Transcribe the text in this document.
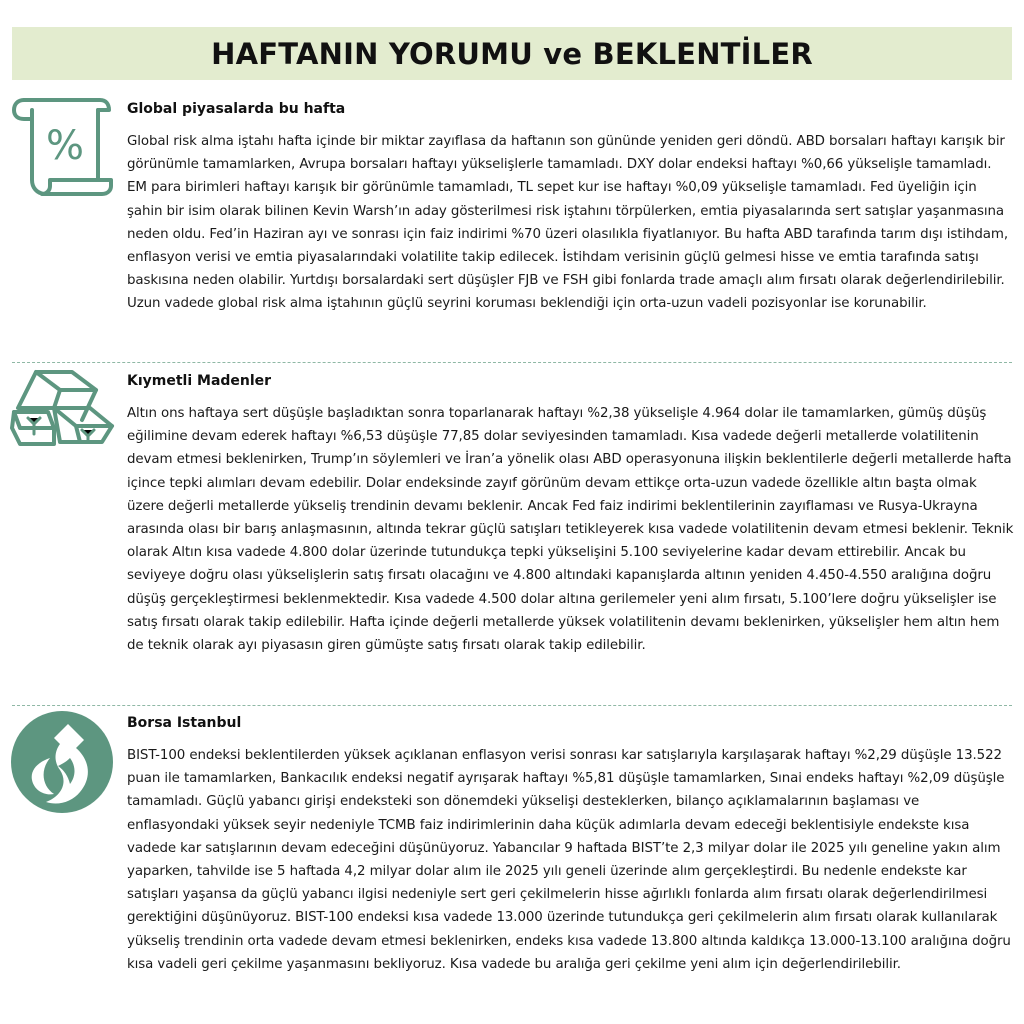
HAFTANIN YORUMU ve BEKLENTİLER
%
Global piyasalarda bu hafta

Global risk alma iştahı hafta içinde bir miktar zayıflasa da haftanın son gününde yeniden geri döndü. ABD borsaları haftayı karışık bir görünümle tamamlarken, Avrupa borsaları haftayı yükselişlerle tamamladı. DXY dolar endeksi haftayı %0,66 yükselişle tamamladı. EM para birimleri haftayı karışık bir görünümle tamamladı, TL sepet kur ise haftayı %0,09 yükselişle tamamladı. Fed üyeliğin için şahin bir isim olarak bilinen Kevin Warsh’ın aday gösterilmesi risk iştahını törpülerken, emtia piyasalarında sert satışlar yaşanmasına neden oldu. Fed’in Haziran ayı ve sonrası için faiz indirimi %70 üzeri olasılıkla fiyatlanıyor. Bu hafta ABD tarafında tarım dışı istihdam, enflasyon verisi ve emtia piyasalarındaki volatilite takip edilecek. İstihdam verisinin güçlü gelmesi hisse ve emtia tarafında satışı baskısına neden olabilir. Yurtdışı borsalardaki sert düşüşler FJB ve FSH gibi fonlarda trade amaçlı alım fırsatı olarak değerlendirilebilir. Uzun vadede global risk alma iştahının güçlü seyrini koruması beklendiği için orta-uzun vadeli pozisyonlar ise korunabilir.

Kıymetli Madenler

Altın ons haftaya sert düşüşle başladıktan sonra toparlanarak haftayı %2,38 yükselişle 4.964 dolar ile tamamlarken, gümüş düşüş eğilimine devam ederek haftayı %6,53 düşüşle 77,85 dolar seviyesinden tamamladı. Kısa vadede değerli metallerde volatilitenin devam etmesi beklenirken, Trump’ın söylemleri ve İran’a yönelik olası ABD operasyonuna ilişkin beklentilerle değerli metallerde hafta içince tepki alımları devam edebilir. Dolar endeksinde zayıf görünüm devam ettikçe orta-uzun vadede özellikle altın başta olmak üzere değerli metallerde yükseliş trendinin devamı beklenir. Ancak Fed faiz indirimi beklentilerinin zayıflaması ve Rusya-Ukrayna arasında olası bir barış anlaşmasının, altında tekrar güçlü satışları tetikleyerek kısa vadede volatilitenin devam etmesi beklenir. Teknik olarak Altın kısa vadede 4.800 dolar üzerinde tutundukça tepki yükselişini 5.100 seviyelerine kadar devam ettirebilir. Ancak bu seviyeye doğru olası yükselişlerin satış fırsatı olacağını ve 4.800 altındaki kapanışlarda altının yeniden 4.450-4.550 aralığına doğru düşüş gerçekleştirmesi beklenmektedir. Kısa vadede 4.500 dolar altına gerilemeler yeni alım fırsatı, 5.100’lere doğru yükselişler ise satış fırsatı olarak takip edilebilir. Hafta içinde değerli metallerde yüksek volatilitenin devamı beklenirken, yükselişler hem altın hem de teknik olarak ayı piyasasın giren gümüşte satış fırsatı olarak takip edilebilir.

Borsa Istanbul

BIST-100 endeksi beklentilerden yüksek açıklanan enflasyon verisi sonrası kar satışlarıyla karşılaşarak haftayı %2,29 düşüşle 13.522 puan ile tamamlarken, Bankacılık endeksi negatif ayrışarak haftayı %5,81 düşüşle tamamlarken, Sınai endeks haftayı %2,09 düşüşle tamamladı. Güçlü yabancı girişi endeksteki son dönemdeki yükselişi desteklerken, bilanço açıklamalarının başlaması ve enflasyondaki yüksek seyir nedeniyle TCMB faiz indirimlerinin daha küçük adımlarla devam edeceği beklentisiyle endekste kısa vadede kar satışlarının devam edeceğini düşünüyoruz. Yabancılar 9 haftada BIST’te 2,3 milyar dolar ile 2025 yılı geneline yakın alım yaparken, tahvilde ise 5 haftada 4,2 milyar dolar alım ile 2025 yılı geneli üzerinde alım gerçekleştirdi. Bu nedenle endekste kar satışları yaşansa da güçlü yabancı ilgisi nedeniyle sert geri çekilmelerin hisse ağırlıklı fonlarda alım fırsatı olarak değerlendirilmesi gerektiğini düşünüyoruz. BIST-100 endeksi kısa vadede 13.000 üzerinde tutundukça geri çekilmelerin alım fırsatı olarak kullanılarak yükseliş trendinin orta vadede devam etmesi beklenirken, endeks kısa vadede 13.800 altında kaldıkça 13.000-13.100 aralığına doğru kısa vadeli geri çekilme yaşanmasını bekliyoruz. Kısa vadede bu aralığa geri çekilme yeni alım için değerlendirilebilir.
